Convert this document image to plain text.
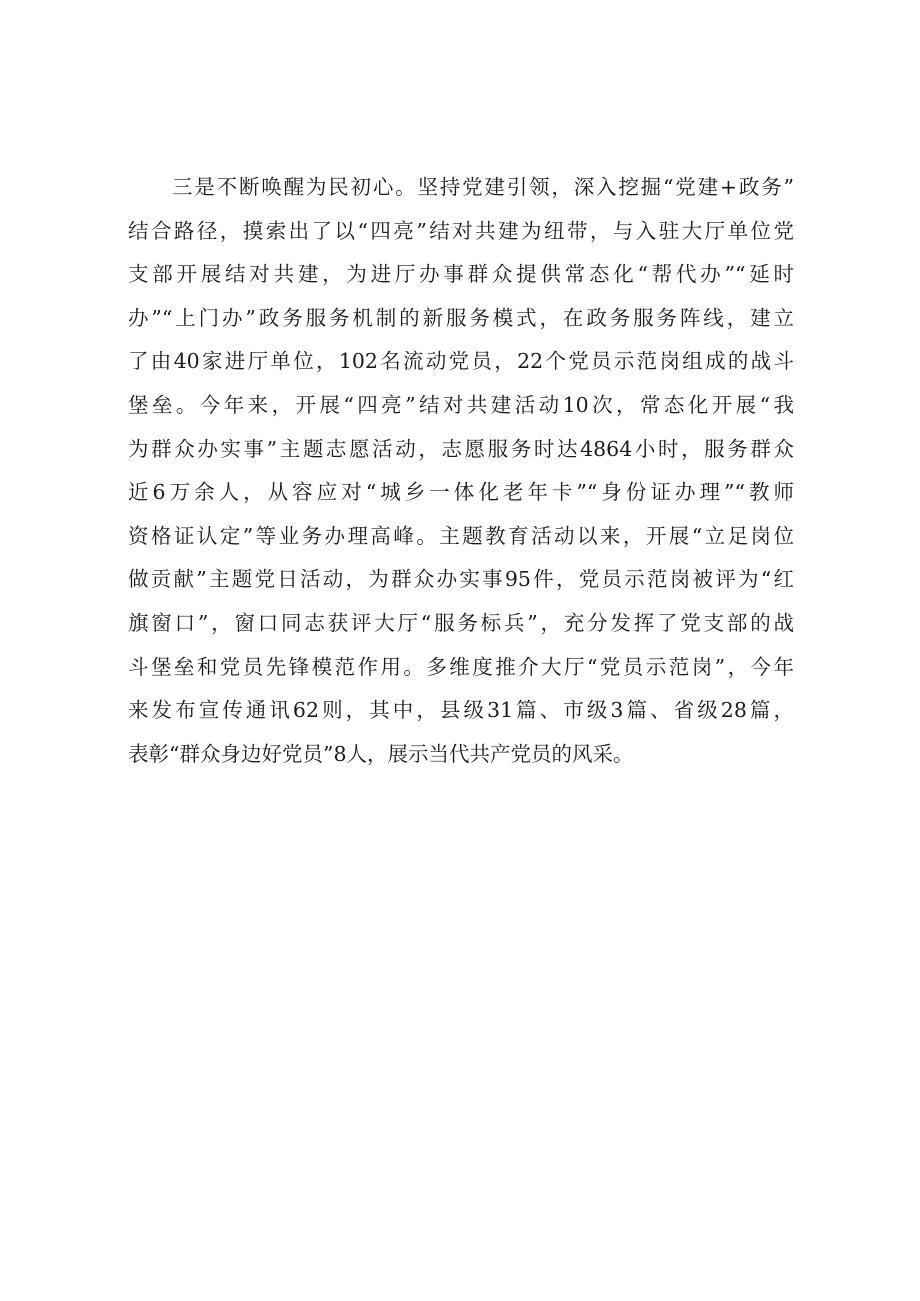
三是不断唤醒为民初心。坚持党建引领，深入挖掘“党建+政务”
结合路径，摸索出了以“四亮”结对共建为纽带，与入驻大厅单位党
支部开展结对共建，为进厅办事群众提供常态化“帮代办”“延时
办”“上门办”政务服务机制的新服务模式，在政务服务阵线，建立
了由40家进厅单位，102名流动党员，22个党员示范岗组成的战斗
堡垒。今年来，开展“四亮”结对共建活动10次，常态化开展“我
为群众办实事”主题志愿活动，志愿服务时达4864小时，服务群众
近6万余人，从容应对“城乡一体化老年卡”“身份证办理”“教师
资格证认定”等业务办理高峰。主题教育活动以来，开展“立足岗位
做贡献”主题党日活动，为群众办实事95件，党员示范岗被评为“红
旗窗口”，窗口同志获评大厅“服务标兵”，充分发挥了党支部的战
斗堡垒和党员先锋模范作用。多维度推介大厅“党员示范岗”，今年
来发布宣传通讯62则，其中，县级31篇、市级3篇、省级28篇，
表彰“群众身边好党员”8人，展示当代共产党员的风采。
